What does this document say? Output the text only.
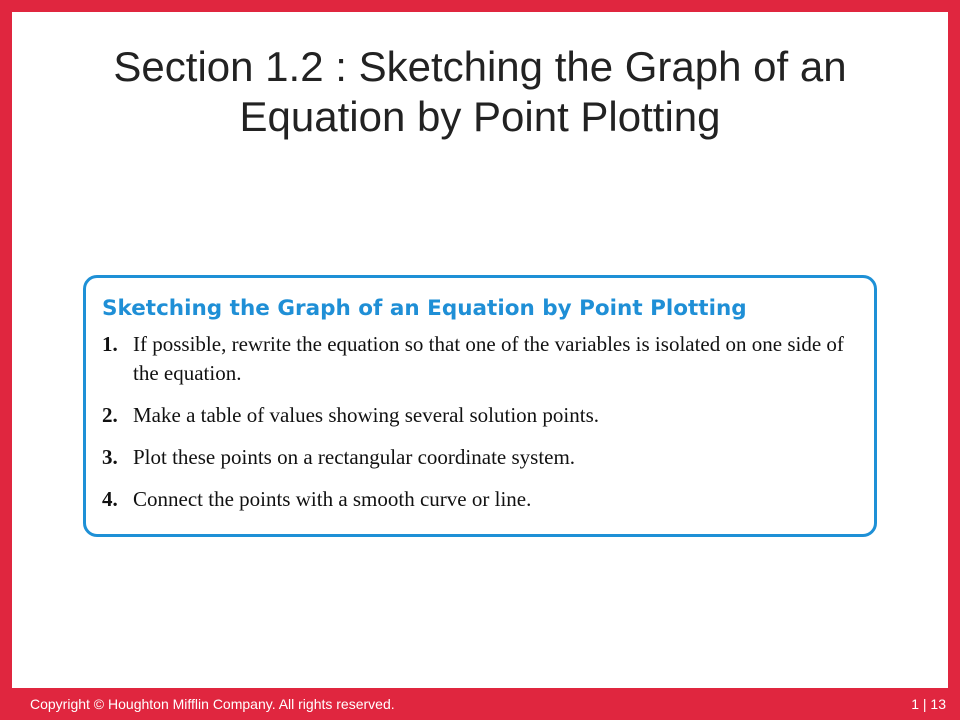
Section 1.2 : Sketching the Graph of an
Equation by Point Plotting
Sketching the Graph of an Equation by Point Plotting
1. If possible, rewrite the equation so that one of the variables is isolated on one side of the equation.
2. Make a table of values showing several solution points.
3. Plot these points on a rectangular coordinate system.
4. Connect the points with a smooth curve or line.
Copyright © Houghton Mifflin Company. All rights reserved.	1 | 13
